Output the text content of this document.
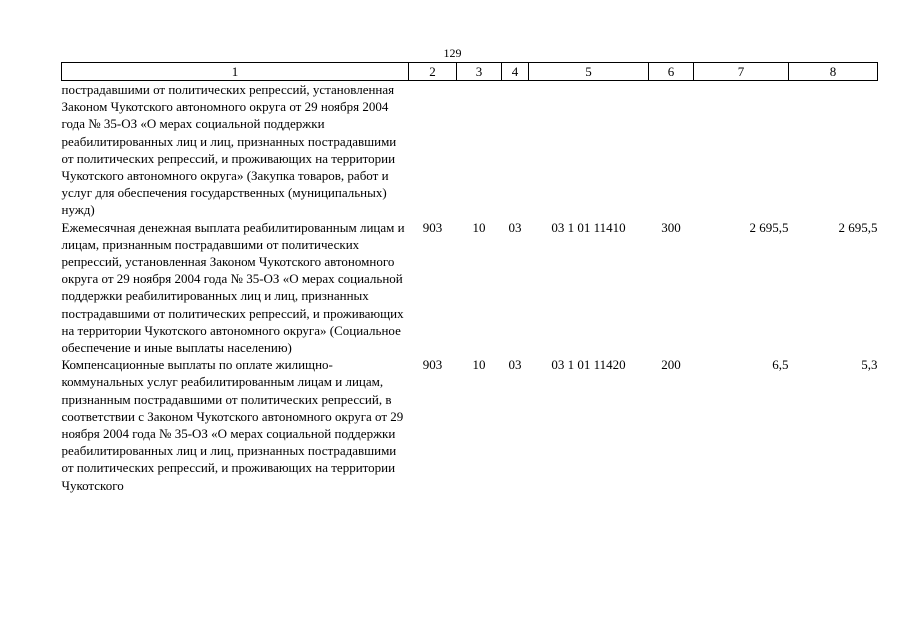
129
1	2	3	4	5	6	7	8
пострадавшими от политических репрессий, установленная Законом Чукотского автономного округа от 29 ноября 2004 года № 35-ОЗ «О мерах социальной поддержки реабилитированных лиц и лиц, признанных пострадавшими от политических репрессий, и проживающих на территории Чукотского автономного округа» (Закупка товаров, работ и услуг для обеспечения государственных (муниципальных) нужд)							
Ежемесячная денежная выплата реабилитированным лицам и лицам, признанным пострадавшими от политических репрессий, установленная Законом Чукотского автономного округа от 29 ноября 2004 года № 35-ОЗ «О мерах социальной поддержки реабилитированных лиц и лиц, признанных пострадавшими от политических репрессий, и проживающих на территории Чукотского автономного округа» (Социальное обеспечение и иные выплаты населению)	903	10	03	03 1 01 11410	300	2 695,5	2 695,5
Компенсационные выплаты по оплате жилищно-коммунальных услуг реабилитированным лицам и лицам, признанным пострадавшими от политических репрессий, в соответствии с Законом Чукотского автономного округа от 29 ноября 2004 года № 35-ОЗ «О мерах социальной поддержки реабилитированных лиц и лиц, признанных пострадавшими от политических репрессий, и проживающих на территории Чукотского	903	10	03	03 1 01 11420	200	6,5	5,3
